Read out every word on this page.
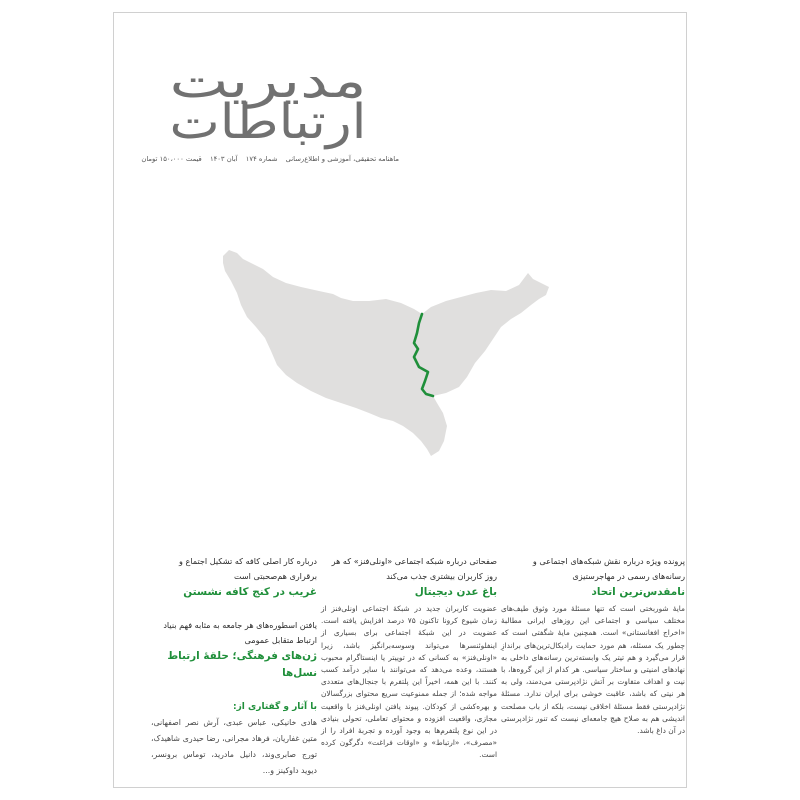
مدیریت
ارتباطات
ماهنامه تحقیقی، آموزشی و اطلاع‌رسانی شماره ۱۷۴ آبان ۱۴۰۳ قیمت ۱۵۰،۰۰۰ تومان
پرونده ویژه درباره نقش شبکه‌های اجتماعی و رسانه‌های رسمی در مهاجرستیزی
نامقدس‌ترین اتحاد
مایهٔ شوربختی است که تنها مسئلهٔ مورد وثوق طیف‌های مختلف سیاسی و اجتماعی این روزهای ایرانی مطالبهٔ «اخراج افغانستانی» است. همچنین مایهٔ شگفتی است که چطور یک مسئله، هم مورد حمایت رادیکال‌ترین‌های براندازِ قرار می‌گیرد و هم تیتر یک وابسته‌ترین رسانه‌های داخلی به نهادهای امنیتی و ساختار سیاسی. هر کدام از این گروه‌ها، با نیت و اهداف متفاوت بر آتش نژادپرستی می‌دمند، ولی به هر نیتی که باشد، عاقبت خوشی برای ایران ندارد. مسئلهٔ نژادپرستی فقط مسئلهٔ اخلاقی نیست، بلکه از باب مصلحت اندیشی هم به صلاح هیچ جامعه‌ای نیست که تنور نژادپرستی در آن داغ باشد.
صفحاتی درباره شبکه اجتماعی «اونلی‌فنز» که هر روز کاربران بیشتری جذب می‌کند
باغ عدن دیجیتال
عضویت کاربران جدید در شبکهٔ اجتماعی اونلی‌فنز از زمان شیوع کرونا تاکنون ۷۵ درصد افزایش یافته است. عضویت در این شبکهٔ اجتماعی برای بسیاری از اینفلوئنسرها می‌تواند وسوسه‌برانگیز باشد، زیرا «اونلی‌فنز» به کسانی که در توییتر یا اینستاگرام محبوب هستند، وعده می‌دهد که می‌توانند با سایر درآمد کسب کنند. با این همه، اخیراً این پلتفرم با جنجال‌های متعددی مواجه شده؛ از جمله ممنوعیت سریع محتوای بزرگسالان و بهره‌کشی از کودکان. پیوند یافتن اونلی‌فنز با واقعیت مجازی، واقعیت افزوده و محتوای تعاملی، تحولی بنیادی در این نوع پلتفرم‌ها به وجود آورده و تجربهٔ افراد را از «مصرف»، «ارتباط» و «اوقات فراغت» دگرگون کرده است.
درباره کار اصلی کافه که تشکیل اجتماع و برقراری هم‌صحبتی است
غریب در کنج کافه نشستن
یافتن اسطوره‌های هر جامعه به مثابه فهم بنیاد ارتباط متقابل عمومی
ژن‌های فرهنگی؛ حلقهٔ ارتباط نسل‌ها
با آثار و گفتاری از:
هادی خانیکی، عباس عبدی، آرش نصر اصفهانی، متین غفاریان، فرهاد مجرانی، رضا حیدری شاهیدک، تورج صابری‌وند، دانیل مادرید، توماس برونسر، دیوید داوکینز و...
